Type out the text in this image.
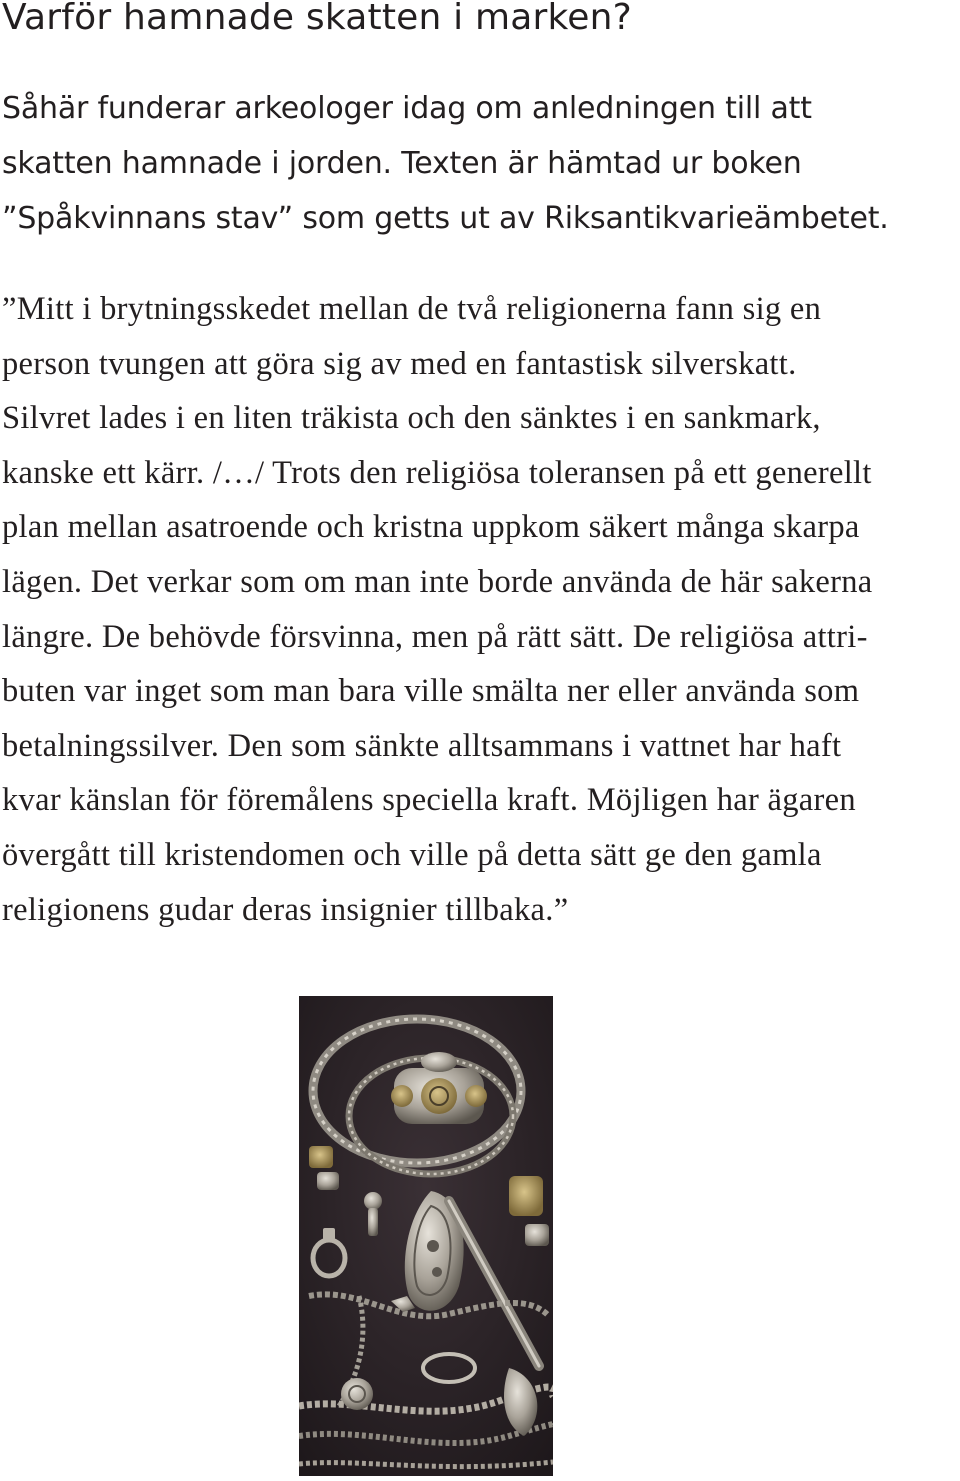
Varför hamnade skatten i marken?

Såhär funderar arkeologer idag om anledningen till att
skatten hamnade i jorden. Texten är hämtad ur boken
”Spåkvinnans stav” som getts ut av Riksantikvarieämbetet.

”Mitt i brytningsskedet mellan de två religionerna fann sig en
person tvungen att göra sig av med en fantastisk silverskatt.
Silvret lades i en liten träkista och den sänktes i en sankmark,
kanske ett kärr. /…/ Trots den religiösa toleransen på ett generellt
plan mellan asatroende och kristna uppkom säkert många skarpa
lägen. Det verkar som om man inte borde använda de här sakerna
längre. De behövde försvinna, men på rätt sätt. De religiösa attri-
buten var inget som man bara ville smälta ner eller använda som
betalningssilver. Den som sänkte alltsammans i vattnet har haft
kvar känslan för föremålens speciella kraft. Möjligen har ägaren
övergått till kristendomen och ville på detta sätt ge den gamla
religionens gudar deras insignier tillbaka.”
